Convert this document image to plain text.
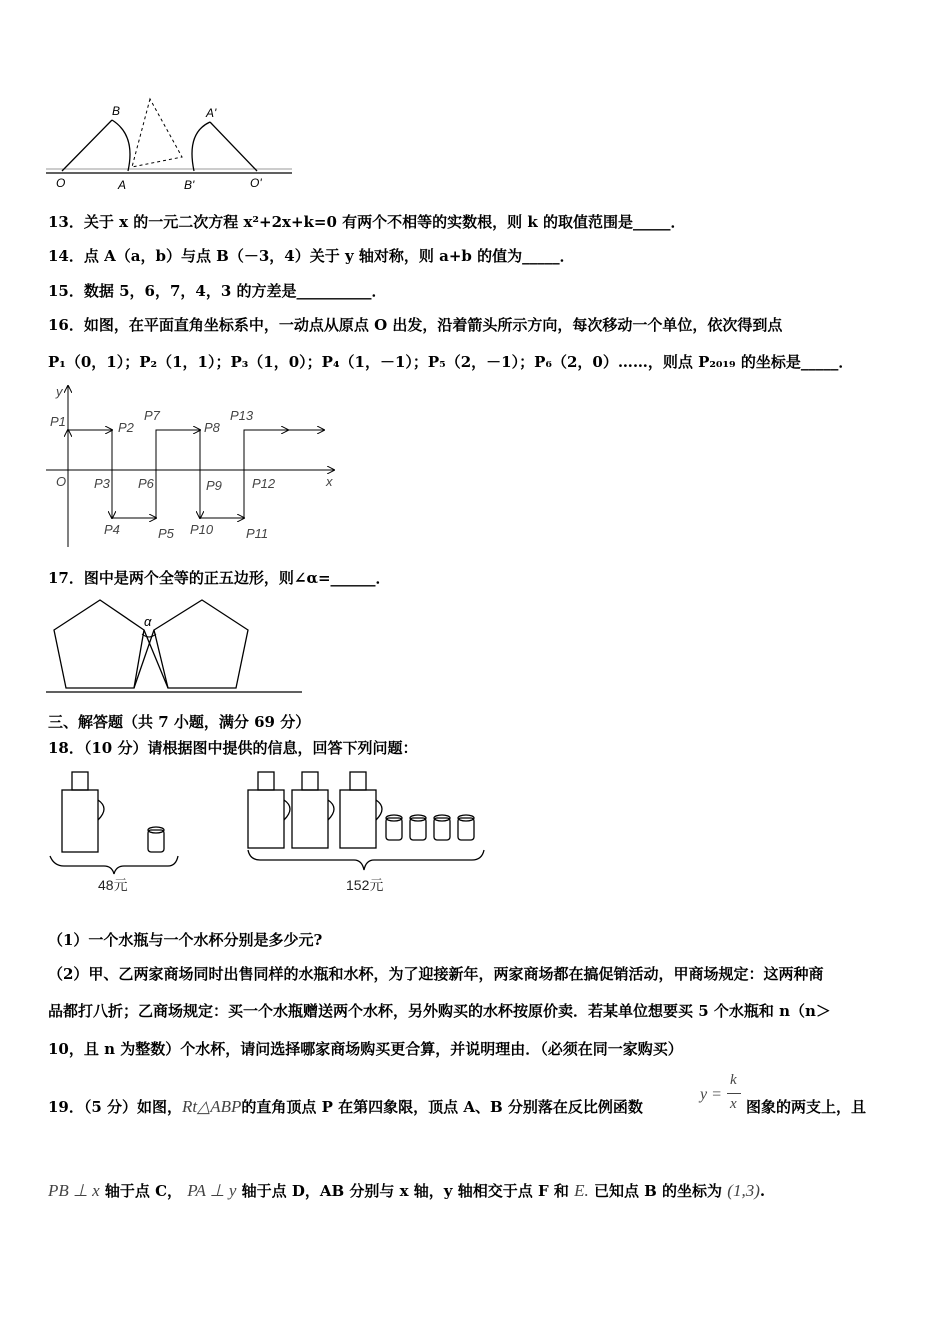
B	A'
O	A	B'	O'
13．关于 x 的一元二次方程 x²+2x+k=0 有两个不相等的实数根，则 k 的取值范围是_____．
14．点 A（a，b）与点 B（－3，4）关于 y 轴对称，则 a+b 的值为_____．
15．数据 5，6，7，4，3 的方差是__________．
16．如图，在平面直角坐标系中，一动点从原点 O 出发，沿着箭头所示方向，每次移动一个单位，依次得到点
P₁（0，1）；P₂（1，1）；P₃（1，0）；P₄（1，－1）；P₅（2，－1）；P₆（2，0）……，则点 P₂₀₁₉ 的坐标是_____．
y
x
O
P1	P2
P7
P8
P13
P3 P6	P9 P12
P4	P5 P10	P11
17．图中是两个全等的正五边形，则∠α=______．
α
三、解答题（共 7 小题，满分 69 分）
18．（10 分）请根据图中提供的信息，回答下列问题：
48元	152元
（1）一个水瓶与一个水杯分别是多少元?
（2）甲、乙两家商场同时出售同样的水瓶和水杯，为了迎接新年，两家商场都在搞促销活动，甲商场规定：这两种商
品都打八折；乙商场规定：买一个水瓶赠送两个水杯，另外购买的水杯按原价卖．若某单位想要买 5 个水瓶和 n（n＞
10，且 n 为整数）个水杯，请问选择哪家商场购买更合算，并说明理由．（必须在同一家购买）
19．（5 分）如图，Rt△ABP的直角顶点 P 在第四象限，顶点 A、B 分别落在反比例函数
y =
k
x 图象的两支上，且
PB ⊥ x 轴于点 C， PA ⊥ y 轴于点 D，AB 分别与 x 轴，y 轴相交于点 F 和 E. 已知点 B 的坐标为 (1,3).
